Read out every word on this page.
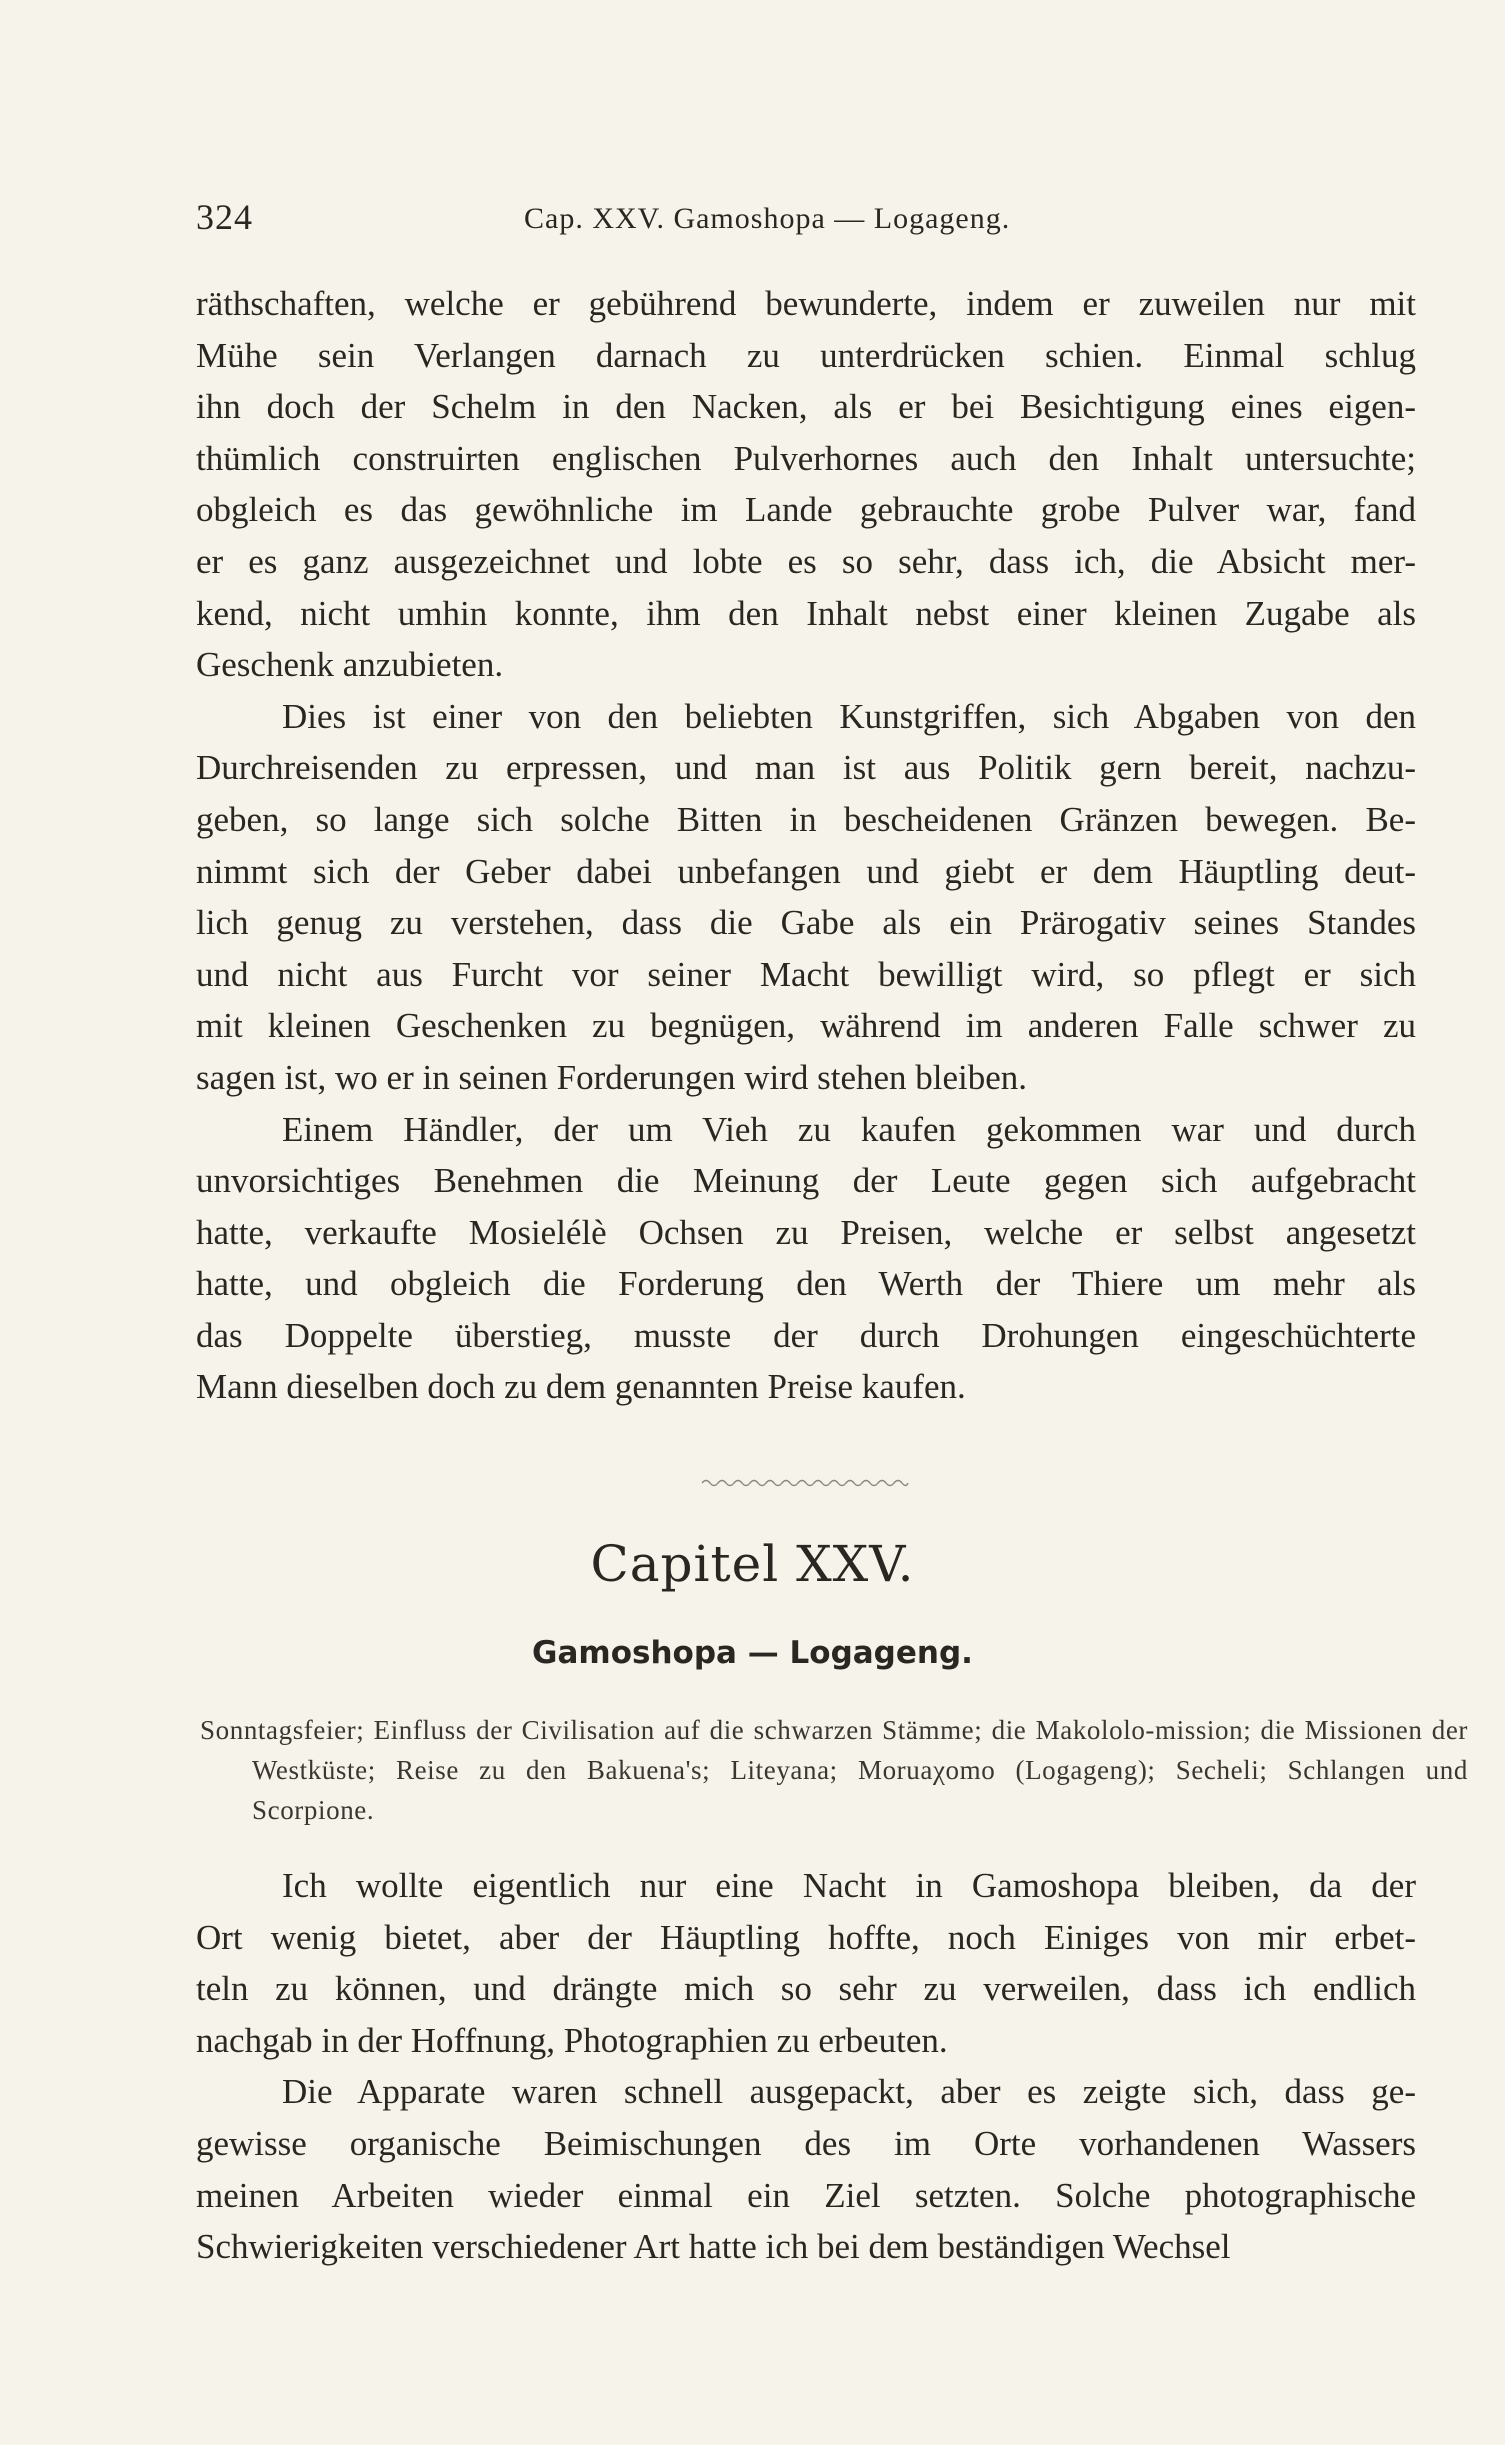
324	Cap. XXV. Gamoshopa — Logageng.

räthschaften, welche er gebührend bewunderte, indem er zuweilen nur mit
Mühe sein Verlangen darnach zu unterdrücken schien. Einmal schlug
ihn doch der Schelm in den Nacken, als er bei Besichtigung eines eigen-
thümlich construirten englischen Pulverhornes auch den Inhalt untersuchte;
obgleich es das gewöhnliche im Lande gebrauchte grobe Pulver war, fand
er es ganz ausgezeichnet und lobte es so sehr, dass ich, die Absicht mer-
kend, nicht umhin konnte, ihm den Inhalt nebst einer kleinen Zugabe als
Geschenk anzubieten.

Dies ist einer von den beliebten Kunstgriffen, sich Abgaben von den
Durchreisenden zu erpressen, und man ist aus Politik gern bereit, nachzu-
geben, so lange sich solche Bitten in bescheidenen Gränzen bewegen. Be-
nimmt sich der Geber dabei unbefangen und giebt er dem Häuptling deut-
lich genug zu verstehen, dass die Gabe als ein Prärogativ seines Standes
und nicht aus Furcht vor seiner Macht bewilligt wird, so pflegt er sich
mit kleinen Geschenken zu begnügen, während im anderen Falle schwer zu
sagen ist, wo er in seinen Forderungen wird stehen bleiben.

Einem Händler, der um Vieh zu kaufen gekommen war und durch
unvorsichtiges Benehmen die Meinung der Leute gegen sich aufgebracht
hatte, verkaufte Mosielélè Ochsen zu Preisen, welche er selbst angesetzt
hatte, und obgleich die Forderung den Werth der Thiere um mehr als
das Doppelte überstieg, musste der durch Drohungen eingeschüchterte
Mann dieselben doch zu dem genannten Preise kaufen.

Capitel XXV.
Gamoshopa — Logageng.
Sonntagsfeier; Einfluss der Civilisation auf die schwarzen Stämme; die Makololo-mission; die Missionen der Westküste; Reise zu den Bakuena's; Liteyana; Moruaχomo (Logageng); Secheli; Schlangen und Scorpione.

Ich wollte eigentlich nur eine Nacht in Gamoshopa bleiben, da der
Ort wenig bietet, aber der Häuptling hoffte, noch Einiges von mir erbet-
teln zu können, und drängte mich so sehr zu verweilen, dass ich endlich
nachgab in der Hoffnung, Photographien zu erbeuten.

Die Apparate waren schnell ausgepackt, aber es zeigte sich, dass ge-
gewisse organische Beimischungen des im Orte vorhandenen Wassers
meinen Arbeiten wieder einmal ein Ziel setzten. Solche photographische
Schwierigkeiten verschiedener Art hatte ich bei dem beständigen Wechsel
